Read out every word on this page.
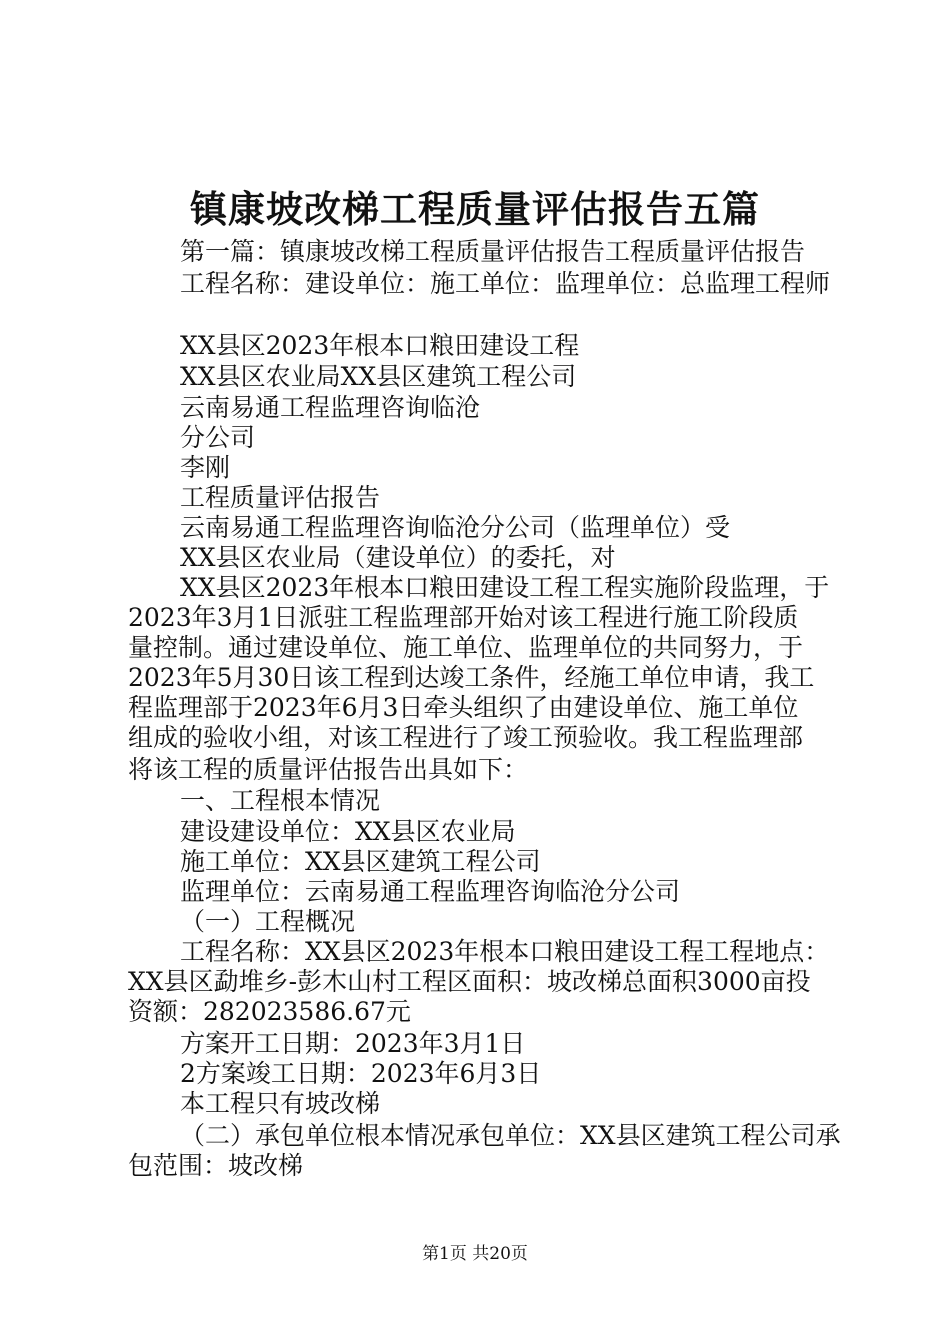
镇康坡改梯工程质量评估报告五篇
第一篇：镇康坡改梯工程质量评估报告工程质量评估报告
工程名称：建设单位：施工单位：监理单位：总监理工程师
XX县区2023年根本口粮田建设工程
XX县区农业局XX县区建筑工程公司
云南易通工程监理咨询临沧
分公司
李刚
工程质量评估报告
云南易通工程监理咨询临沧分公司（监理单位）受
XX县区农业局（建设单位）的委托，对
XX县区2023年根本口粮田建设工程工程实施阶段监理，于
2023年3月1日派驻工程监理部开始对该工程进行施工阶段质
量控制。通过建设单位、施工单位、监理单位的共同努力，于
2023年5月30日该工程到达竣工条件，经施工单位申请，我工
程监理部于2023年6月3日牵头组织了由建设单位、施工单位
组成的验收小组，对该工程进行了竣工预验收。我工程监理部
将该工程的质量评估报告出具如下：
一、工程根本情况
建设建设单位：XX县区农业局
施工单位：XX县区建筑工程公司
监理单位：云南易通工程监理咨询临沧分公司
（一）工程概况
工程名称：XX县区2023年根本口粮田建设工程工程地点：
XX县区勐堆乡-彭木山村工程区面积：坡改梯总面积3000亩投
资额：282023586.67元
方案开工日期：2023年3月1日
2方案竣工日期：2023年6月3日
本工程只有坡改梯
（二）承包单位根本情况承包单位：XX县区建筑工程公司承
包范围：坡改梯
第1页 共20页
